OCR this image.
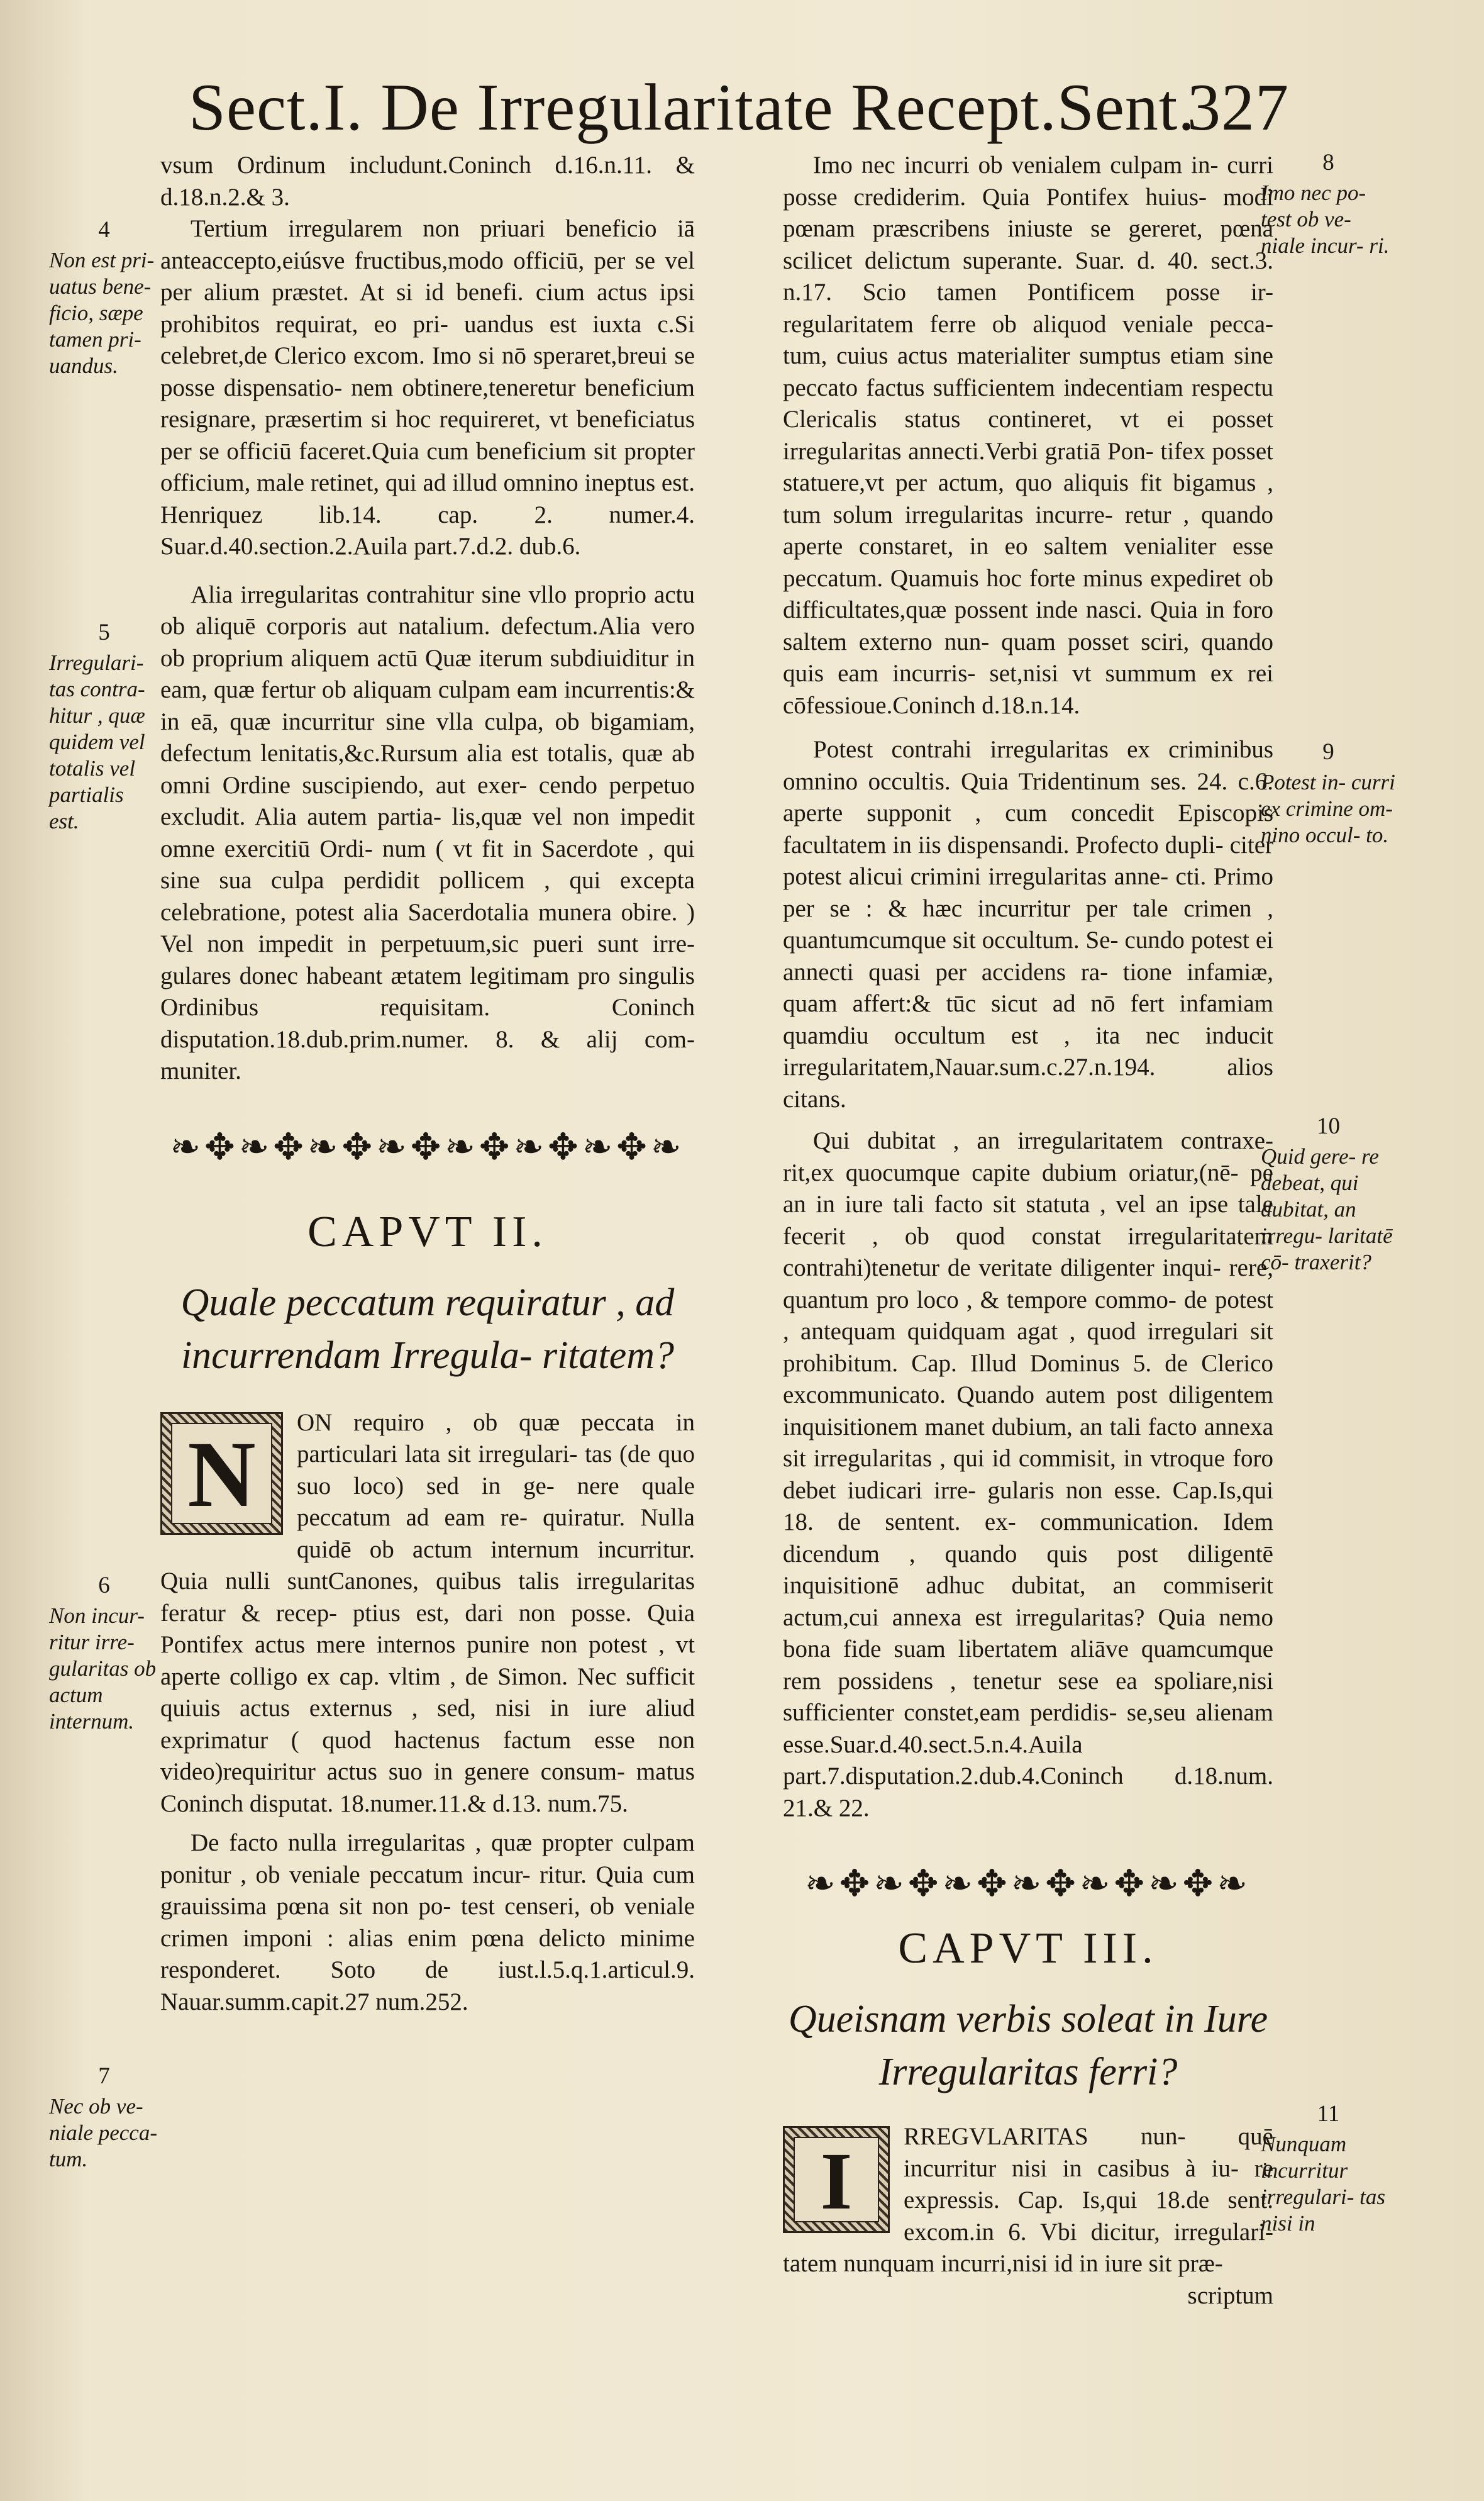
Sect.I. De Irregularitate Recept.Sent.
327

vsum Ordinum includunt.Coninch d.16.n.11. & d.18.n.2.& 3.

Tertium irregularem non priuari beneficio iā anteaccepto,eiúsve fructibus,modo officiū, per se vel per alium præstet. At si id benefi. cium actus ipsi prohibitos requirat, eo pri- uandus est iuxta c.Si celebret,de Clerico excom. Imo si nō speraret,breui se posse dispensatio- nem obtinere,teneretur beneficium resignare, præsertim si hoc requireret, vt beneficiatus per se officiū faceret.Quia cum beneficium sit propter officium, male retinet, qui ad illud omnino ineptus est. Henriquez lib.14. cap. 2. numer.4. Suar.d.40.section.2.Auila part.7.d.2. dub.6.

Alia irregularitas contrahitur sine vllo proprio actu ob aliquē corporis aut natalium. defectum.Alia vero ob proprium aliquem actū Quæ iterum subdiuiditur in eam, quæ fertur ob aliquam culpam eam incurrentis:& in eā, quæ incurritur sine vlla culpa, ob bigamiam, defectum lenitatis,&c.Rursum alia est totalis, quæ ab omni Ordine suscipiendo, aut exer- cendo perpetuo excludit. Alia autem partia- lis,quæ vel non impedit omne exercitiū Ordi- num ( vt fit in Sacerdote , qui sine sua culpa perdidit pollicem , qui excepta celebratione, potest alia Sacerdotalia munera obire. ) Vel non impedit in perpetuum,sic pueri sunt irre- gulares donec habeant ætatem legitimam pro singulis Ordinibus requisitam. Coninch disputation.18.dub.prim.numer. 8. & alij com- muniter.

❧✥❧✥❧✥❧✥❧✥❧✥❧✥❧

CAPVT II.

Quale peccatum requiratur , ad incurrendam Irregula- ritatem?

N	ON requiro , ob quæ peccata in particulari lata sit irregulari- tas (de quo suo loco) sed in ge- nere quale peccatum ad eam re- quiratur. Nulla quidē ob actum internum incurritur. Quia nulli suntCanones, quibus talis irregularitas feratur & recep- ptius est, dari non posse. Quia Pontifex actus mere internos punire non potest , vt aperte colligo ex cap. vltim , de Simon. Nec sufficit quiuis actus externus , sed, nisi in iure aliud exprimatur ( quod hactenus factum esse non video)requiritur actus suo in genere consum- matus Coninch disputat. 18.numer.11.& d.13. num.75.

De facto nulla irregularitas , quæ propter culpam ponitur , ob veniale peccatum incur- ritur. Quia cum grauissima pœna sit non po- test censeri, ob veniale crimen imponi : alias enim pœna delicto minime responderet. Soto de iust.l.5.q.1.articul.9. Nauar.summ.capit.27 num.252.

Imo nec incurri ob venialem culpam in- curri posse crediderim. Quia Pontifex huius- modi pœnam præscribens iniuste se gereret, pœna scilicet delictum superante. Suar. d. 40. sect.3. n.17. Scio tamen Pontificem posse ir- regularitatem ferre ob aliquod veniale pecca- tum, cuius actus materialiter sumptus etiam sine peccato factus sufficientem indecentiam respectu Clericalis status contineret, vt ei posset irregularitas annecti.Verbi gratiā Pon- tifex posset statuere,vt per actum, quo aliquis fit bigamus , tum solum irregularitas incurre- retur , quando aperte constaret, in eo saltem venialiter esse peccatum. Quamuis hoc forte minus expediret ob difficultates,quæ possent inde nasci. Quia in foro saltem externo nun- quam posset sciri, quando quis eam incurris- set,nisi vt summum ex rei cōfessioue.Coninch d.18.n.14.

Potest contrahi irregularitas ex criminibus omnino occultis. Quia Tridentinum ses. 24. c.6. aperte supponit , cum concedit Episcopis facultatem in iis dispensandi. Profecto dupli- citer potest alicui crimini irregularitas anne- cti. Primo per se : & hæc incurritur per tale crimen , quantumcumque sit occultum. Se- cundo potest ei annecti quasi per accidens ra- tione infamiæ, quam affert:& tūc sicut ad nō fert infamiam quamdiu occultum est , ita nec inducit irregularitatem,Nauar.sum.c.27.n.194. alios citans.

Qui dubitat , an irregularitatem contraxe- rit,ex quocumque capite dubium oriatur,(nē- pe an in iure tali facto sit statuta , vel an ipse tale fecerit , ob quod constat irregularitatem contrahi)tenetur de veritate diligenter inqui- rere, quantum pro loco , & tempore commo- de potest , antequam quidquam agat , quod irregulari sit prohibitum. Cap. Illud Dominus 5. de Clerico excommunicato. Quando autem post diligentem inquisitionem manet dubium, an tali facto annexa sit irregularitas , qui id commisit, in vtroque foro debet iudicari irre- gularis non esse. Cap.Is,qui 18. de sentent. ex- communication. Idem dicendum , quando quis post diligentē inquisitionē adhuc dubitat, an commiserit actum,cui annexa est irregularitas? Quia nemo bona fide suam libertatem aliāve quamcumque rem possidens , tenetur sese ea spoliare,nisi sufficienter constet,eam perdidis- se,seu alienam esse.Suar.d.40.sect.5.n.4.Auila part.7.disputation.2.dub.4.Coninch d.18.num. 21.& 22.

❧✥❧✥❧✥❧✥❧✥❧✥❧

CAPVT III.

Queisnam verbis soleat in Iure Irregularitas ferri?

I	RREGVLARITAS nun- quē incurritur nisi in casibus à iu- re expressis. Cap. Is,qui 18.de sent. excom.in 6. Vbi dicitur, irregulari- tatem nunquam incurri,nisi id in iure sit præ-

scriptum

4
Non est pri- uatus bene- ficio, sæpe tamen pri- uandus.
5
Irregulari- tas contra- hitur , quæ quidem vel totalis vel partialis est.
6
Non incur- ritur irre- gularitas ob actum internum.
7
Nec ob ve- niale pecca- tum.
8
Imo nec po- test ob ve- niale incur- ri.
9
Potest in- curri ex crimine om- nino occul- to.
10
Quid gere- re debeat, qui dubitat, an irregu- laritatē cō- traxerit?
11
Nunquam incurritur irregulari- tas nisi in
